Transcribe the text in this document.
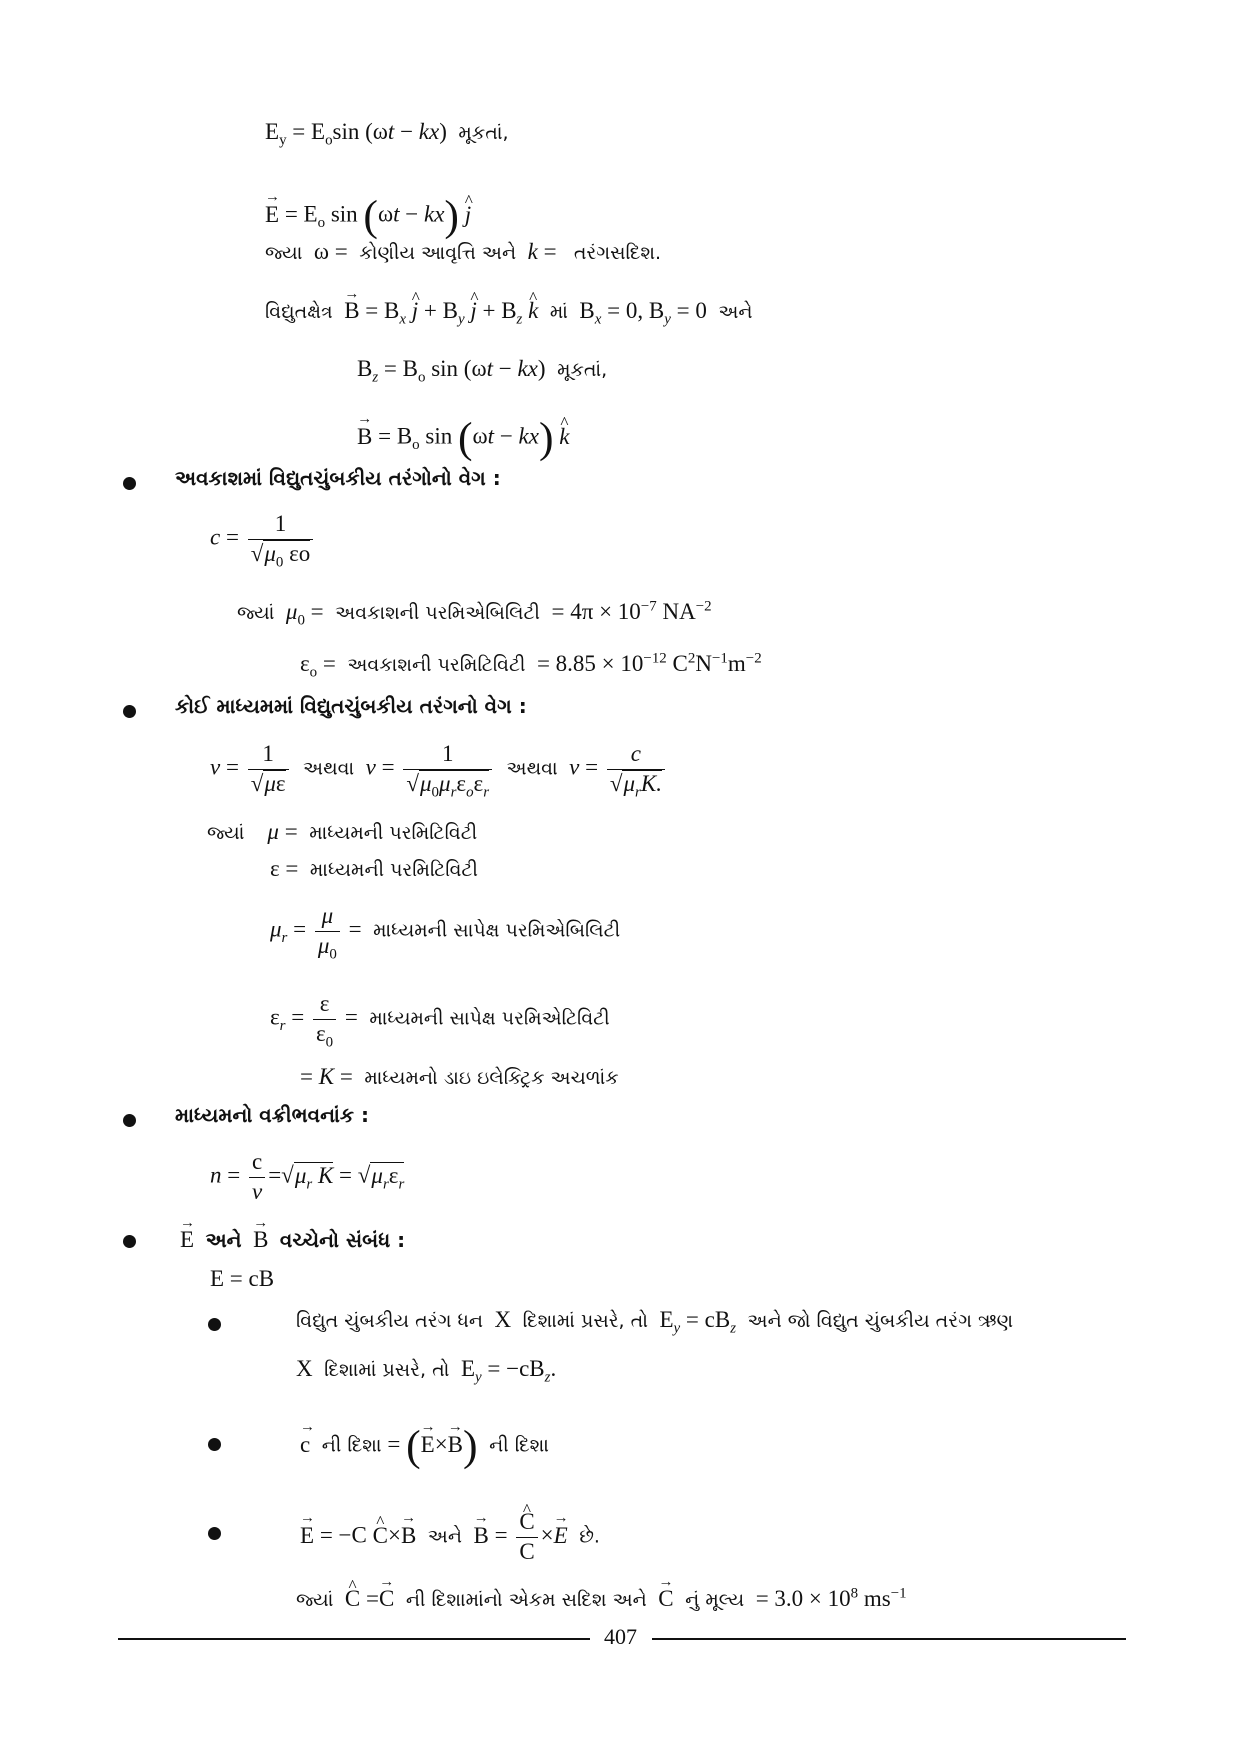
$E_y = E_o\sin$ (ωt − kx)  મૂકતાં,
→ $E = E_o$ sin (ωt − kx) ^ j
જ્યા  ω =  કોણીય આવૃત્તિ અને k =   તરંગસદિશ.
વિદ્યુતક્ષેત્ર → $B = B_x$ ^ $j + B_y$ ^ $j + B_z$ ^ k માં  $B_x = 0$, $B_y = 0$  અને
$B_z = B_o$ sin (ωt − kx)  મૂકતાં,
→ $B = B_o$ sin (ωt − kx) ^ k
અવકાશમાં વિદ્યુતચુંબકીય તરંગોનો વેગ :
$c = \frac{1}{√\mu_0 \varepsilon o}$
જ્યાં $\mu_0$ =  અવકાશની પરમિએબિલિટી = $4\pi \times 10^{-7}$ $NA^{-2}$
$\varepsilon_o$ =  અવકાશની પરમિટિવિટી = $8.85 \times 10^{-12}$ $C^2N^{-1}m^{-2}$
કોઈ માધ્યમમાં વિદ્યુતચુંબકીય તરંગનો વેગ :
$v = \frac{1}{√\mu\varepsilon}$ અથવા $v = \frac{1}{√\mu_0\mu_r\varepsilon_o\varepsilon_r}$ અથવા $v = \frac{c}{√\mu_rK.}$
જ્યાં μ =  માધ્યમની પરમિટિવિટી
ε =  માધ્યમની પરમિટિવિટી
$\mu_r = \frac{\mu}{\mu_0}$ =  માધ્યમની સાપેક્ષ પરમિએબિલિટી
$\varepsilon_r = \frac{\varepsilon}{\varepsilon_0}$ =  માધ્યમની સાપેક્ષ પરમિએટિવિટી
= K =  માધ્યમનો ડાઇ ઇલેક્ટ્રિક અચળાંક
માધ્યમનો વક્રીભવનાંક :
$n = \frac{c}{v} =√\mu_r$ $K = √\mu_r\varepsilon_r$
→ E અને → B વચ્ચેનો સંબંધ :
E = cB
વિદ્યુત ચુંબકીય તરંગ ધન  X  દિશામાં પ્રસરે, તો  $E_y = cB_z$ અને જો વિદ્યુત ચુંબકીય તરંગ ઋણ
X  દિશામાં પ્રસરે, તો  $E_y = -cB_z$.
→ c ની દિશા = (→ E×→ B) ની દિશા
→ E = −C ^ C×→ B અને → B = ^ $\frac{C}{C} \times\to E$ છે.
જ્યાં ^ C =→ C ની દિશામાંનો એકમ સદિશ અને → C નું મૂલ્ય = $3.0 \times 10^8$ $ms^{-1}$
407
